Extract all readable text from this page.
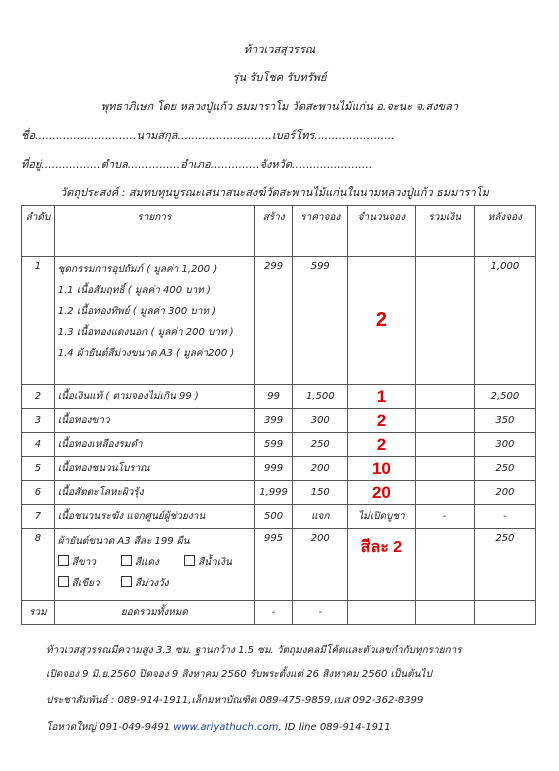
ท้าวเวสสุวรรณ
รุ่น รับโชค รับทรัพย์
พุทธาภิเษก โดย หลวงปู่แก้ว ธมมาราโม วัดสะพานไม้แก่น อ.จะนะ จ.สงขลา
ชื่อ.............................นามสกุล...........................เบอร์โทร.......................
ที่อยู่.................ตำบล...............อำเภอ..............จังหวัด.......................
วัตถุประสงค์ : สมทบทุนบูรณะเสนาสนะสงฆ์วัดสะพานไม้แก่นในนามหลวงปู่แก้ว ธมมาราโม
ลำดับ	รายการ	สร้าง	ราคาจอง	จำนวนจอง	รวมเงิน	หลังจอง
1	ชุดกรรมการอุปถัมภ์ ( มูลค่า 1,200 )
1.1 เนื้อสัมฤทธิ์ ( มูลค่า 400 บาท )
1.2 เนื้อทองทิพย์ ( มูลค่า 300 บาท )
1.3 เนื้อทองแดงนอก ( มูลค่า 200 บาท )
1.4 ผ้ายันต์สีม่วงขนาด A3 ( มูลค่า200 )	299	599	2		1,000
2	เนื้อเงินแท้ ( ตามจองไม่เกิน 99 )	99	1,500	1		2,500
3	เนื้อทองขาว	399	300	2		350
4	เนื้อทองเหลืองรมดำ	599	250	2		300
5	เนื้อทองชนวนโบราณ	999	200	10		250
6	เนื้อสัตตะโลหะผิวรุ้ง	1,999	150	20		200
7	เนื้อชนวนระฆัง แจกศูนย์ผู้ช่วยงาน	500	แจก	ไม่เปิดบูชา	-	-
8	ผ้ายันต์ขนาด A3 สีละ 199 ผืน
สีขาว สีแดง สีน้ำเงิน
สีเขียว สีม่วงวัง	995	200	สีละ 2		250
รวม	ยอดรวมทั้งหมด	-	-			
ท้าวเวสสุวรรณมีความสูง 3.3 ซม. ฐานกว้าง 1.5 ซม. วัตถุมงคลมีโค้ตและตัวเลขกำกับทุกรายการ
เปิดจอง 9 มิ.ย.2560 ปิดจอง 9 สิงหาคม 2560 รับพระตั้งแต่ 26 สิงหาคม 2560 เป็นต้นไป
ประชาสัมพันธ์ : 089-914-1911,เล็กมหาบัณฑิต 089-475-9859,เบส 092-362-8399
โอหาดใหญ่ 091-049-9491 www.ariyathuch.com, ID line 089-914-1911
